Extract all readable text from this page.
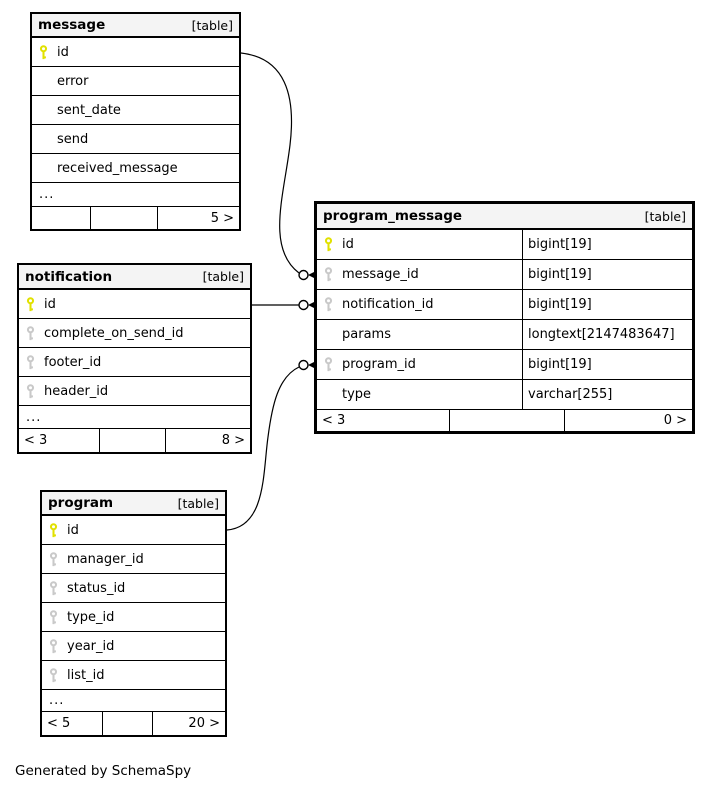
message	[table]
id
error
sent_date
send
received_message
...
5 >
notification	[table]
id
complete_on_send_id
footer_id
header_id
...
< 3	8 >
program	[table]
id
manager_id
status_id
type_id
year_id
list_id
...
< 5	20 >
program_message	[table]
id	bigint[19]
message_id	bigint[19]
notification_id	bigint[19]
params	longtext[2147483647]
program_id	bigint[19]
type	varchar[255]
< 3	0 >
Generated by SchemaSpy
